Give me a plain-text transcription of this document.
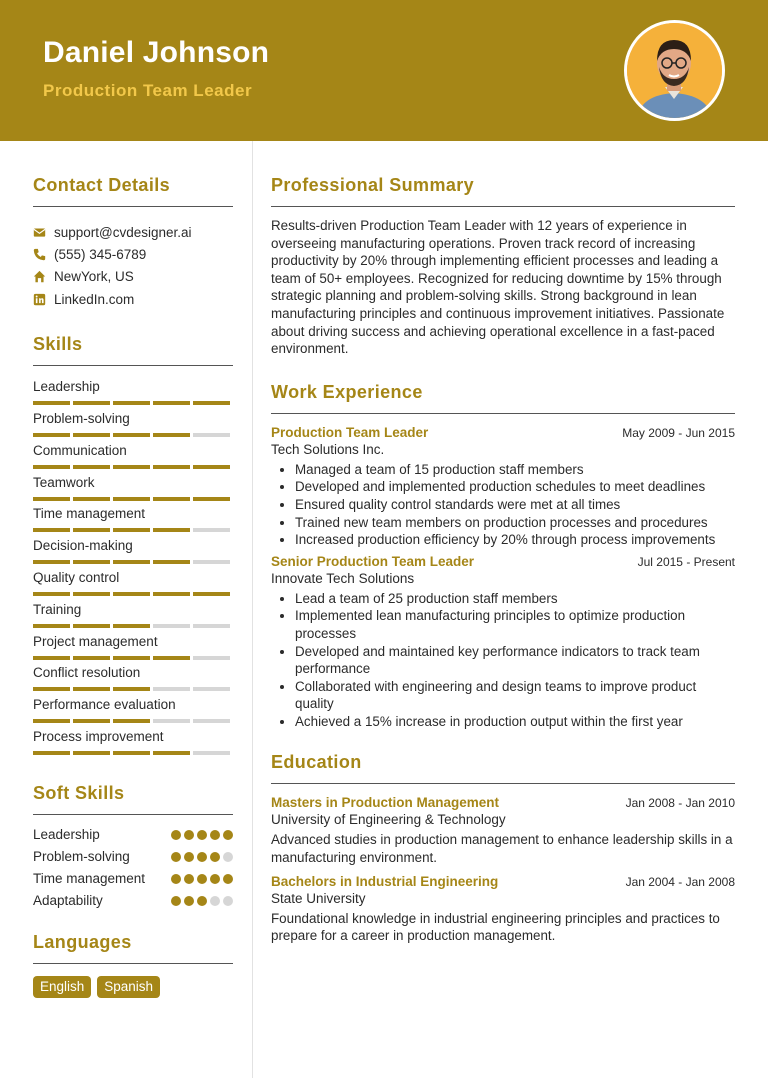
Daniel Johnson
Production Team Leader
Contact Details
support@cvdesigner.ai
(555) 345-6789
NewYork, US
LinkedIn.com
Skills
Leadership
Problem-solving
Communication
Teamwork
Time management
Decision-making
Quality control
Training
Project management
Conflict resolution
Performance evaluation
Process improvement
Soft Skills
Leadership
Problem-solving
Time management
Adaptability
Languages
English	Spanish
Professional Summary
Results-driven Production Team Leader with 12 years of experience in overseeing manufacturing operations. Proven track record of increasing productivity by 20% through implementing efficient processes and leading a team of 50+ employees. Recognized for reducing downtime by 15% through strategic planning and problem-solving skills. Strong background in lean manufacturing principles and continuous improvement initiatives. Passionate about driving success and achieving operational excellence in a fast-paced environment.
Work Experience
Production Team Leader	May 2009 - Jun 2015
Tech Solutions Inc.
• Managed a team of 15 production staff members
• Developed and implemented production schedules to meet deadlines
• Ensured quality control standards were met at all times
• Trained new team members on production processes and procedures
• Increased production efficiency by 20% through process improvements
Senior Production Team Leader	Jul 2015 - Present
Innovate Tech Solutions
• Lead a team of 25 production staff members
• Implemented lean manufacturing principles to optimize production processes
• Developed and maintained key performance indicators to track team performance
• Collaborated with engineering and design teams to improve product quality
• Achieved a 15% increase in production output within the first year
Education
Masters in Production Management	Jan 2008 - Jan 2010
University of Engineering & Technology
Advanced studies in production management to enhance leadership skills in a manufacturing environment.
Bachelors in Industrial Engineering	Jan 2004 - Jan 2008
State University
Foundational knowledge in industrial engineering principles and practices to prepare for a career in production management.
